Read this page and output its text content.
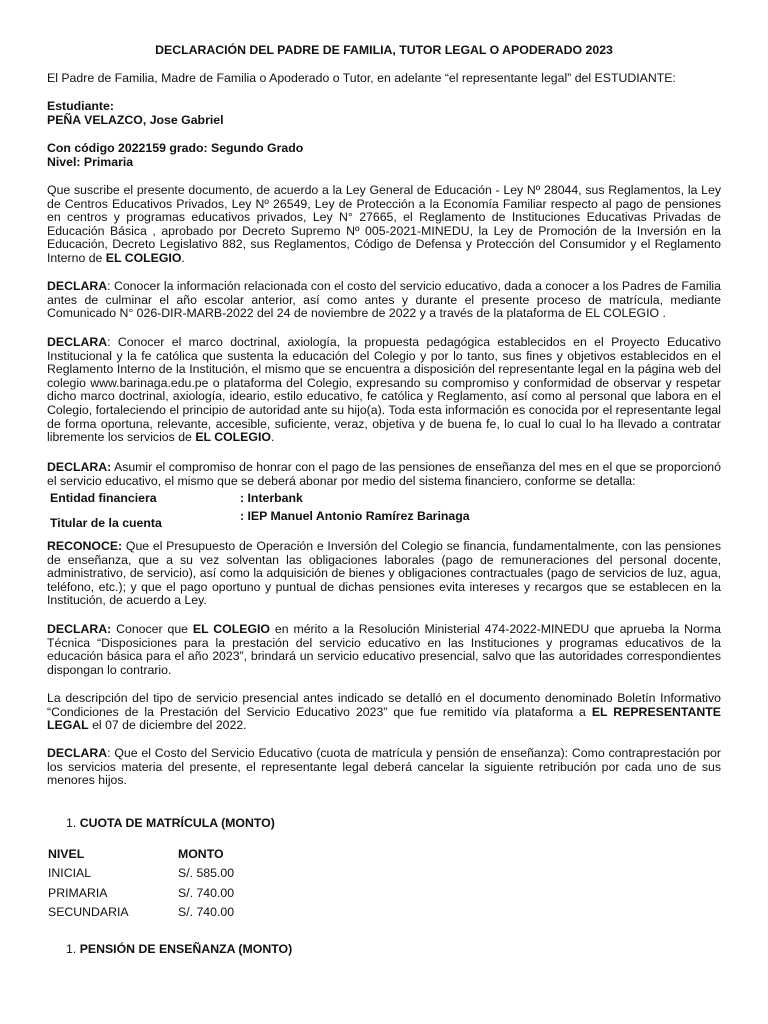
DECLARACIÓN DEL PADRE DE FAMILIA, TUTOR LEGAL O APODERADO 2023

El Padre de Familia, Madre de Familia o Apoderado o Tutor, en adelante “el representante legal” del ESTUDIANTE:

Estudiante:
PEÑA VELAZCO, Jose Gabriel
Con código 2022159 grado: Segundo Grado
Nivel: Primaria

Que suscribe el presente documento, de acuerdo a la Ley General de Educación - Ley Nº 28044, sus Reglamentos, la Ley de Centros Educativos Privados, Ley Nº 26549, Ley de Protección a la Economía Familiar respecto al pago de pensiones en centros y programas educativos privados, Ley N° 27665, el Reglamento de Instituciones Educativas Privadas de Educación Básica , aprobado por Decreto Supremo Nº 005-2021-MINEDU, la Ley de Promoción de la Inversión en la Educación, Decreto Legislativo 882, sus Reglamentos, Código de Defensa y Protección del Consumidor y el Reglamento Interno de EL COLEGIO.

DECLARA: Conocer la información relacionada con el costo del servicio educativo, dada a conocer a los Padres de Familia antes de culminar el año escolar anterior, así como antes y durante el presente proceso de matrícula, mediante Comunicado N° 026-DIR-MARB-2022 del 24 de noviembre de 2022 y a través de la plataforma de EL COLEGIO .

DECLARA: Conocer el marco doctrinal, axiología, la propuesta pedagógica establecidos en el Proyecto Educativo Institucional y la fe católica que sustenta la educación del Colegio y por lo tanto, sus fines y objetivos establecidos en el Reglamento Interno de la Institución, el mismo que se encuentra a disposición del representante legal en la página web del colegio www.barinaga.edu.pe o plataforma del Colegio, expresando su compromiso y conformidad de observar y respetar dicho marco doctrinal, axiología, ideario, estilo educativo, fe católica y Reglamento, así como al personal que labora en el Colegio, fortaleciendo el principio de autoridad ante su hijo(a). Toda esta información es conocida por el representante legal de forma oportuna, relevante, accesible, suficiente, veraz, objetiva y de buena fe, lo cual lo cual lo ha llevado a contratar libremente los servicios de EL COLEGIO.

DECLARA: Asumir el compromiso de honrar con el pago de las pensiones de enseñanza del mes en el que se proporcionó el servicio educativo, el mismo que se deberá abonar por medio del sistema financiero, conforme se detalla:

Entidad financiera	: Interbank
Titular de la cuenta	: IEP Manuel Antonio Ramírez Barinaga

RECONOCE: Que el Presupuesto de Operación e Inversión del Colegio se financia, fundamentalmente, con las pensiones de enseñanza, que a su vez solventan las obligaciones laborales (pago de remuneraciones del personal docente, administrativo, de servicio), así como la adquisición de bienes y obligaciones contractuales (pago de servicios de luz, agua, teléfono, etc.); y que el pago oportuno y puntual de dichas pensiones evita intereses y recargos que se establecen en la Institución, de acuerdo a Ley.

DECLARA: Conocer que EL COLEGIO en mérito a la Resolución Ministerial 474-2022-MINEDU que aprueba la Norma Técnica “Disposiciones para la prestación del servicio educativo en las Instituciones y programas educativos de la educación básica para el año 2023”, brindará un servicio educativo presencial, salvo que las autoridades correspondientes dispongan lo contrario.

La descripción del tipo de servicio presencial antes indicado se detalló en el documento denominado Boletín Informativo “Condiciones de la Prestación del Servicio Educativo 2023” que fue remitido vía plataforma a EL REPRESENTANTE LEGAL el 07 de diciembre del 2022.

DECLARA: Que el Costo del Servicio Educativo (cuota de matrícula y pensión de enseñanza): Como contraprestación por los servicios materia del presente, el representante legal deberá cancelar la siguiente retribución por cada uno de sus menores hijos.

1. CUOTA DE MATRÍCULA (MONTO)
NIVEL	MONTO
INICIAL	S/. 585.00
PRIMARIA	S/. 740.00
SECUNDARIA	S/. 740.00
1. PENSIÓN DE ENSEÑANZA (MONTO)
